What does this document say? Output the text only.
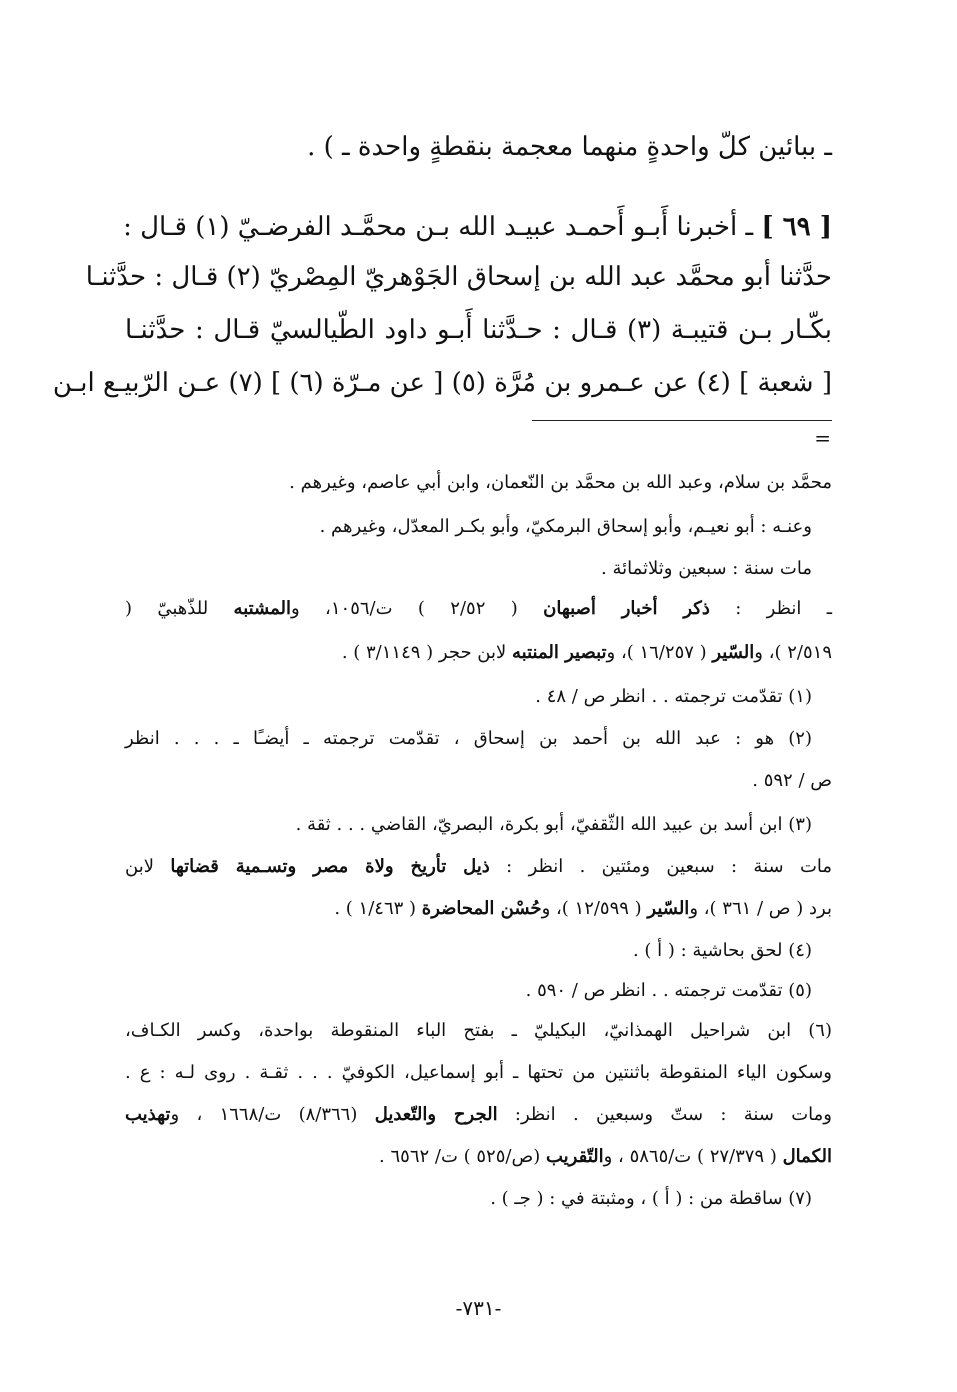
ـ ببائين كلّ واحدةٍ منهما معجمة بنقطةٍ واحدة ـ ) .
[ ٦٩ ] ـ أخبرنا أَبـو أَحمـد عبيـد الله بـن محمَّـد الفرضـيّ (١) قـال :
حدَّثنا أبو محمَّد عبد الله بن إسحاق الجَوْهريّ المِصْريّ (٢) قـال : حدَّثنـا
بكّـار بـن قتيبـة (٣) قـال : حـدَّثنا أَبـو داود الطّيالسيّ قـال : حدَّثنـا
[ شعبة ] (٤) عن عـمرو بن مُرَّة (٥) [ عن مـرّة (٦) ] (٧) عـن الرّبيـع ابـن
=
محمَّد بن سلام، وعبد الله بن محمَّد بن النّعمان، وابن أبي عاصم، وغيرهم .
وعنـه : أبو نعيـم، وأبو إسحاق البرمكيّ، وأبو بكـر المعدّل، وغيرهم .
مات سنة : سبعين وثلاثمائة .
ـ انظر : ذكر أخبار أصبهان ( ٢/٥٢ ) ت/١٠٥٦، والمشتبه للذّهبيّ (
٢/٥١٩ )، والسّير ( ١٦/٢٥٧ )، وتبصير المنتبه لابن حجر ( ٣/١١٤٩ ) .
(١) تقدّمت ترجمته . . انظر ص / ٤٨ .
(٢) هو : عبد الله بن أحمد بن إسحاق ، تقدّمت ترجمته ـ أيضـًا ـ . . . انظر
ص / ٥٩٢ .
(٣) ابن أسد بن عبيد الله الثّقفيّ، أبو بكرة، البصريّ، القاضي . . . ثقة .
مات سنة : سبعين ومئتين . انظر : ذيل تأريخ ولاة مصر وتسـمية قضاتها لابن
برد ( ص / ٣٦١ )، والسّير ( ١٢/٥٩٩ )، وحُسْن المحاضرة ( ١/٤٦٣ ) .
(٤) لحق بحاشية : ( أ ) .
(٥) تقدّمت ترجمته . . انظر ص / ٥٩٠ .
(٦) ابن شراحيل الهمذانيّ، البكيليّ ـ بفتح الباء المنقوطة بواحدة، وكسر الكـاف،
وسكون الياء المنقوطة باثنتين من تحتها ـ أبو إسماعيل، الكوفيّ . . . ثقـة . روى لـه : ع .
ومات سنة : ستّ وسبعين . انظر: الجرح والتّعديل (٨/٣٦٦) ت/١٦٦٨ ، وتهذيب
الكمال ( ٢٧/٣٧٩ ) ت/٥٨٦٥ ، والتّقريب (ص/٥٢٥ ) ت/ ٦٥٦٢ .
(٧) ساقطة من : ( أ ) ، ومثبتة في : ( جـ ) .
-٧٣١-
